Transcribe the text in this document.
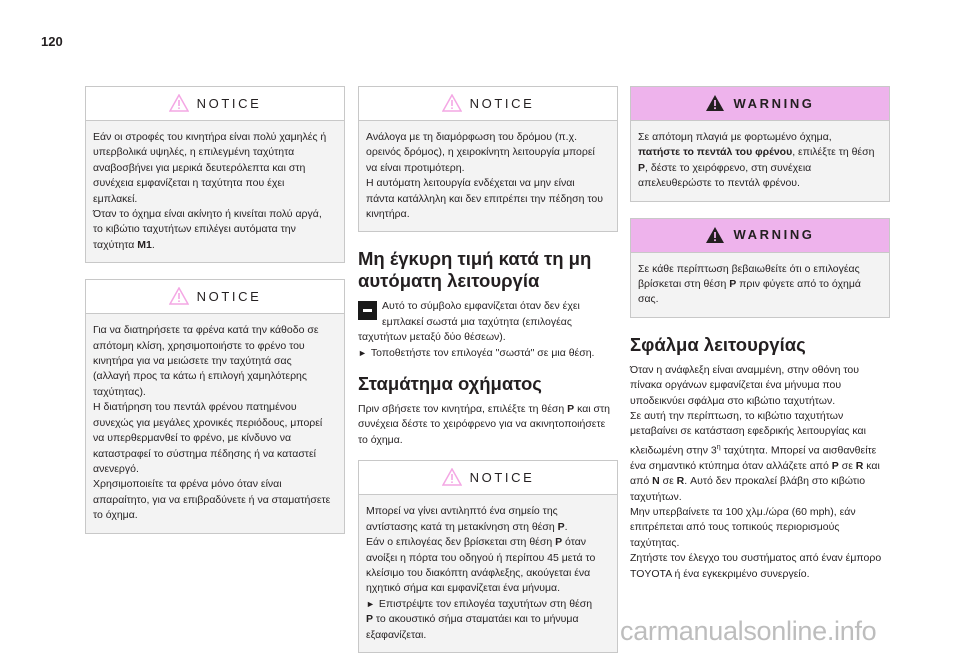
120
NOTICE

Εάν οι στροφές του κινητήρα είναι πολύ χαμηλές ή

υπερβολικά υψηλές, η επιλεγμένη ταχύτητα

αναβοσβήνει για μερικά δευτερόλεπτα και στη

συνέχεια εμφανίζεται η ταχύτητα που έχει

εμπλακεί.

Όταν το όχημα είναι ακίνητο ή κινείται πολύ αργά,

το κιβώτιο ταχυτήτων επιλέγει αυτόματα την

ταχύτητα M1.

NOTICE

Για να διατηρήσετε τα φρένα κατά την κάθοδο σε

απότομη κλίση, χρησιμοποιήστε το φρένο του

κινητήρα για να μειώσετε την ταχύτητά σας

(αλλαγή προς τα κάτω ή επιλογή χαμηλότερης

ταχύτητας).

Η διατήρηση του πεντάλ φρένου πατημένου

συνεχώς για μεγάλες χρονικές περιόδους, μπορεί

να υπερθερμανθεί το φρένο, με κίνδυνο να

καταστραφεί το σύστημα πέδησης ή να καταστεί

ανενεργό.

Χρησιμοποιείτε τα φρένα μόνο όταν είναι

απαραίτητο, για να επιβραδύνετε ή να σταματήσετε

το όχημα.

NOTICE

Ανάλογα με τη διαμόρφωση του δρόμου (π.χ.

ορεινός δρόμος), η χειροκίνητη λειτουργία μπορεί

να είναι προτιμότερη.

Η αυτόματη λειτουργία ενδέχεται να μην είναι

πάντα κατάλληλη και δεν επιτρέπει την πέδηση του

κινητήρα.

Μη έγκυρη τιμή κατά τη μη
αυτόματη λειτουργία

Αυτό το σύμβολο εμφανίζεται όταν δεν έχει

εμπλακεί σωστά μια ταχύτητα (επιλογέας

ταχυτήτων μεταξύ δύο θέσεων).

► Τοποθετήστε τον επιλογέα "σωστά" σε μια θέση.

Σταμάτημα οχήματος

Πριν σβήσετε τον κινητήρα, επιλέξτε τη θέση P και στη

συνέχεια δέστε το χειρόφρενο για να ακινητοποιήσετε

το όχημα.

NOTICE

Μπορεί να γίνει αντιληπτό ένα σημείο της

αντίστασης κατά τη μετακίνηση στη θέση P.

Εάν ο επιλογέας δεν βρίσκεται στη θέση P όταν

ανοίξει η πόρτα του οδηγού ή περίπου 45 μετά το

κλείσιμο του διακόπτη ανάφλεξης, ακούγεται ένα

ηχητικό σήμα και εμφανίζεται ένα μήνυμα.

► Επιστρέψτε τον επιλογέα ταχυτήτων στη θέση

P το ακουστικό σήμα σταματάει και το μήνυμα

εξαφανίζεται.

WARNING

Σε απότομη πλαγιά με φορτωμένο όχημα,

πατήστε το πεντάλ του φρένου, επιλέξτε τη θέση

P, δέστε το χειρόφρενο, στη συνέχεια

απελευθερώστε το πεντάλ φρένου.

WARNING

Σε κάθε περίπτωση βεβαιωθείτε ότι ο επιλογέας

βρίσκεται στη θέση P πριν φύγετε από το όχημά

σας.

Σφάλμα λειτουργίας

Όταν η ανάφλεξη είναι αναμμένη, στην οθόνη του

πίνακα οργάνων εμφανίζεται ένα μήνυμα που

υποδεικνύει σφάλμα στο κιβώτιο ταχυτήτων.

Σε αυτή την περίπτωση, το κιβώτιο ταχυτήτων

μεταβαίνει σε κατάσταση εφεδρικής λειτουργίας και

κλειδωμένη στην $3^\eta$ ταχύτητα. Μπορεί να αισθανθείτε

ένα σημαντικό κτύπημα όταν αλλάζετε από P σε R και

από N σε R. Αυτό δεν προκαλεί βλάβη στο κιβώτιο

ταχυτήτων.

Μην υπερβαίνετε τα 100 χλμ./ώρα (60 mph), εάν

επιτρέπεται από τους τοπικούς περιορισμούς

ταχύτητας.

Ζητήστε τον έλεγχο του συστήματος από έναν έμπορο

TOYOTA ή ένα εγκεκριμένο συνεργείο.

carmanualsonline.info
